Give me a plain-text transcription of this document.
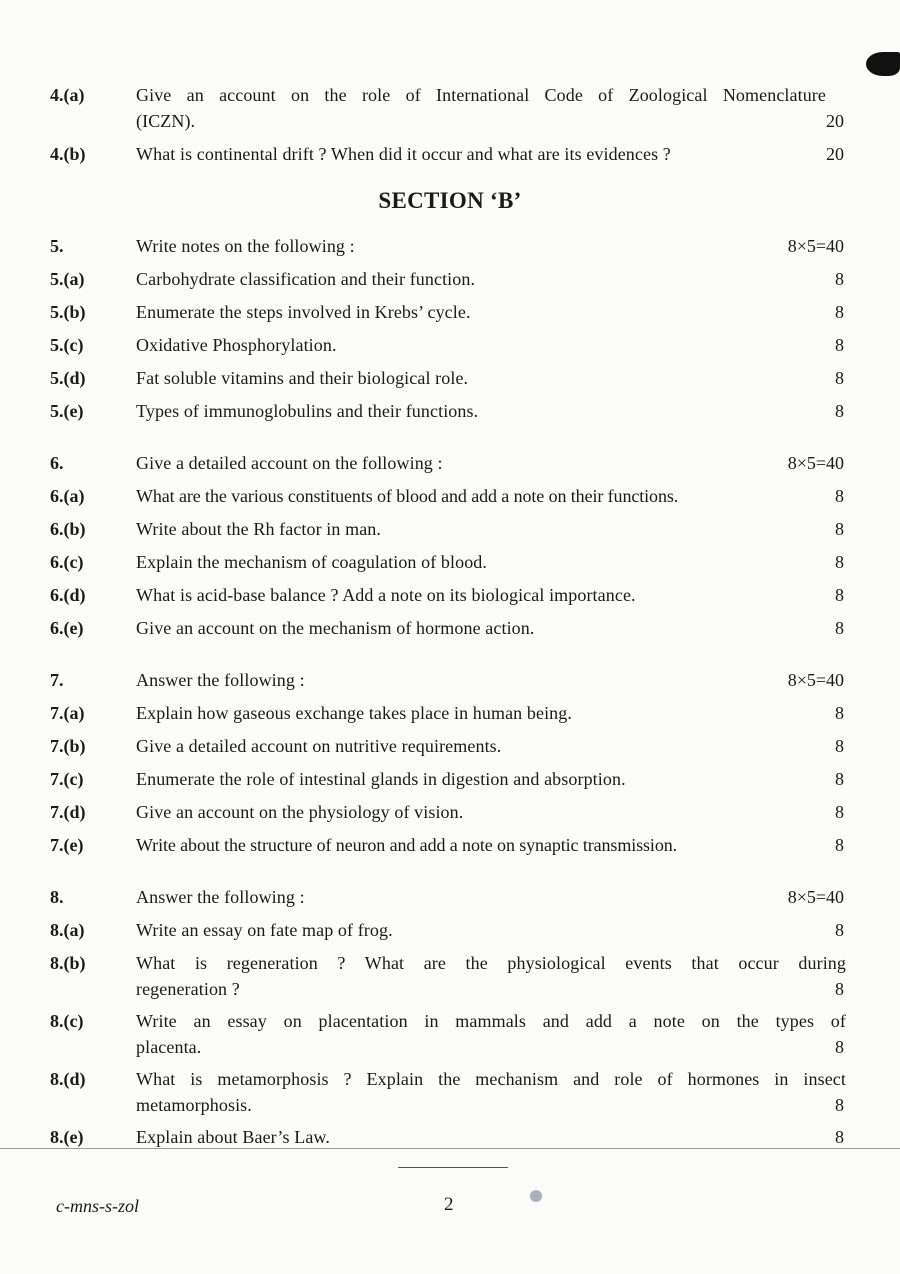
4.(a)	Give an account on the role of International Code of Zoological Nomenclature
(ICZN).	20
4.(b)	What is continental drift ? When did it occur and what are its evidences ?	20
SECTION ‘B’
5.	Write notes on the following :	8×5=40
5.(a)	Carbohydrate classification and their function.	8
5.(b)	Enumerate the steps involved in Krebs’ cycle.	8
5.(c)	Oxidative Phosphorylation.	8
5.(d)	Fat soluble vitamins and their biological role.	8
5.(e)	Types of immunoglobulins and their functions.	8
6.	Give a detailed account on the following :	8×5=40
6.(a)	What are the various constituents of blood and add a note on their functions.	8
6.(b)	Write about the Rh factor in man.	8
6.(c)	Explain the mechanism of coagulation of blood.	8
6.(d)	What is acid-base balance ? Add a note on its biological importance.	8
6.(e)	Give an account on the mechanism of hormone action.	8
7.	Answer the following :	8×5=40
7.(a)	Explain how gaseous exchange takes place in human being.	8
7.(b)	Give a detailed account on nutritive requirements.	8
7.(c)	Enumerate the role of intestinal glands in digestion and absorption.	8
7.(d)	Give an account on the physiology of vision.	8
7.(e)	Write about the structure of neuron and add a note on synaptic transmission.	8
8.	Answer the following :	8×5=40
8.(a)	Write an essay on fate map of frog.	8
8.(b)	What is regeneration ? What are the physiological events that occur during
regeneration ?	8
8.(c)	Write an essay on placentation in mammals and add a note on the types of
placenta.	8
8.(d)	What is metamorphosis ? Explain the mechanism and role of hormones in insect
metamorphosis.	8
8.(e)	Explain about Baer’s Law.	8
c-mns-s-zol	2
